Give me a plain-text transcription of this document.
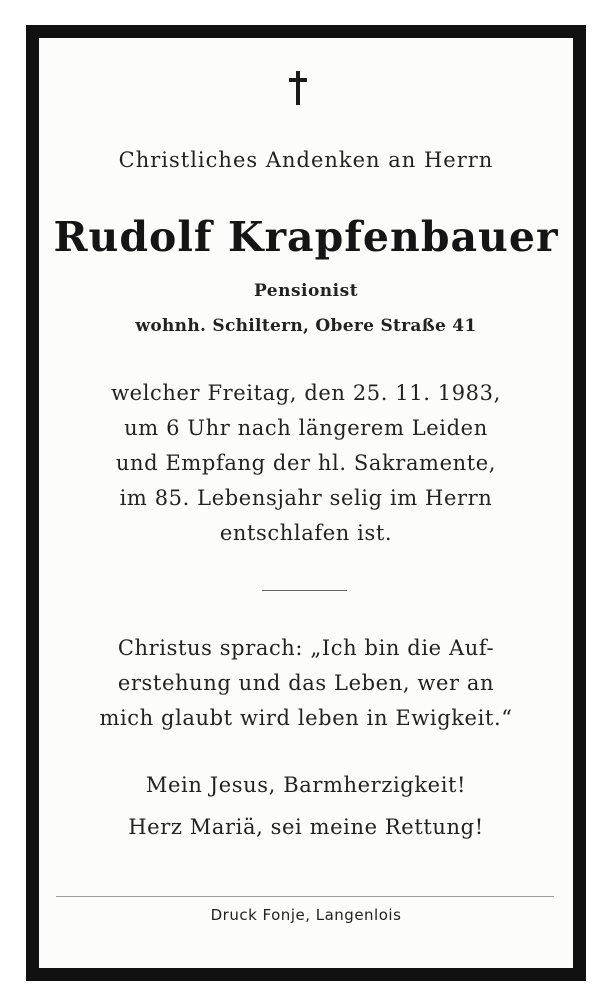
Christliches Andenken an Herrn
Rudolf Krapfenbauer
Pensionist
wohnh. Schiltern, Obere Straße 41
welcher Freitag, den 25. 11. 1983,
um 6 Uhr nach längerem Leiden
und Empfang der hl. Sakramente,
im 85. Lebensjahr selig im Herrn
entschlafen ist.
Christus sprach: „Ich bin die Auf-
erstehung und das Leben, wer an
mich glaubt wird leben in Ewigkeit.“
Mein Jesus, Barmherzigkeit!
Herz Mariä, sei meine Rettung!
Druck Fonje, Langenlois
